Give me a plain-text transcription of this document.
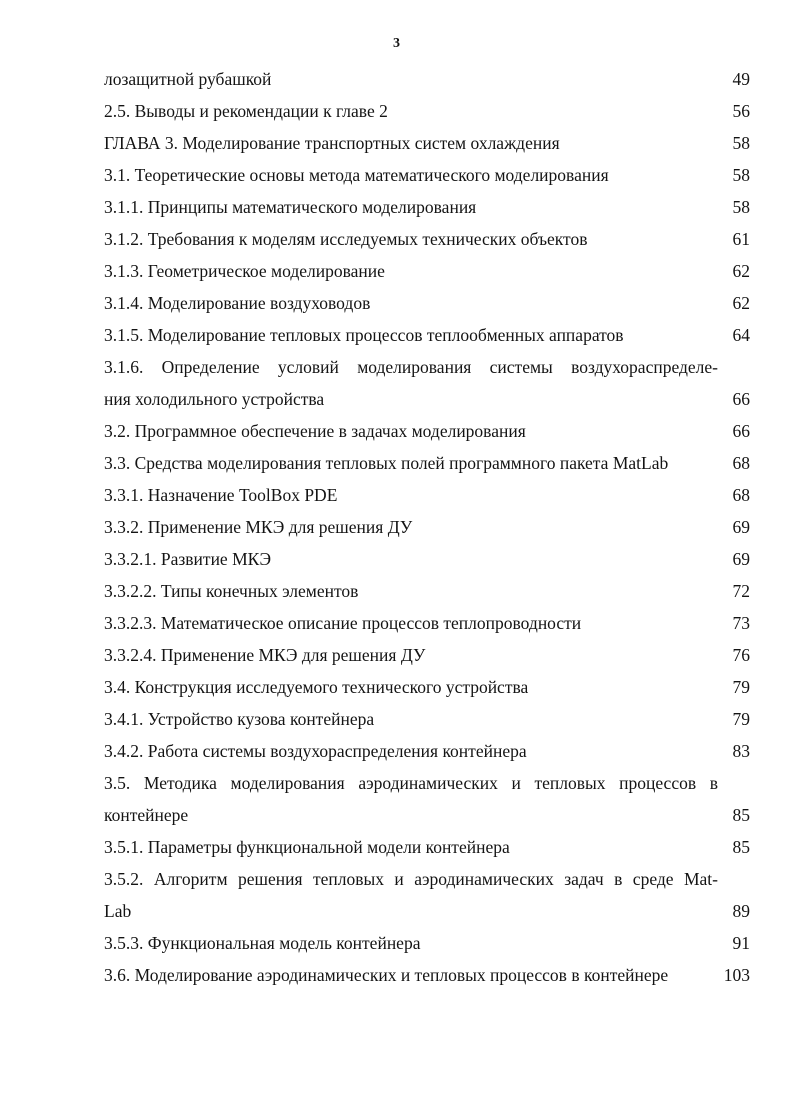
3
лозащитной рубашкой	49
2.5. Выводы и рекомендации к главе 2	56
ГЛАВА 3. Моделирование транспортных систем охлаждения	58
3.1. Теоретические основы метода математического моделирования	58
3.1.1. Принципы математического моделирования	58
3.1.2. Требования к моделям исследуемых технических объектов	61
3.1.3. Геометрическое моделирование	62
3.1.4. Моделирование воздуховодов	62
3.1.5. Моделирование тепловых процессов теплообменных аппаратов	64
3.1.6. Определение условий моделирования системы воздухораспределе-
ния холодильного устройства	66
3.2. Программное обеспечение в задачах моделирования	66
3.3. Средства моделирования тепловых полей программного пакета MatLab	68
3.3.1. Назначение ToolBox PDE	68
3.3.2. Применение МКЭ для решения ДУ	69
3.3.2.1. Развитие МКЭ	69
3.3.2.2. Типы конечных элементов	72
3.3.2.3. Математическое описание процессов теплопроводности	73
3.3.2.4. Применение МКЭ для решения ДУ	76
3.4. Конструкция исследуемого технического устройства	79
3.4.1. Устройство кузова контейнера	79
3.4.2. Работа системы воздухораспределения контейнера	83
3.5. Методика моделирования аэродинамических и тепловых процессов в
контейнере	85
3.5.1. Параметры функциональной модели контейнера	85
3.5.2. Алгоритм решения тепловых и аэродинамических задач в среде Mat-
Lab	89
3.5.3. Функциональная модель контейнера	91
3.6. Моделирование аэродинамических и тепловых процессов в контейнере	103
